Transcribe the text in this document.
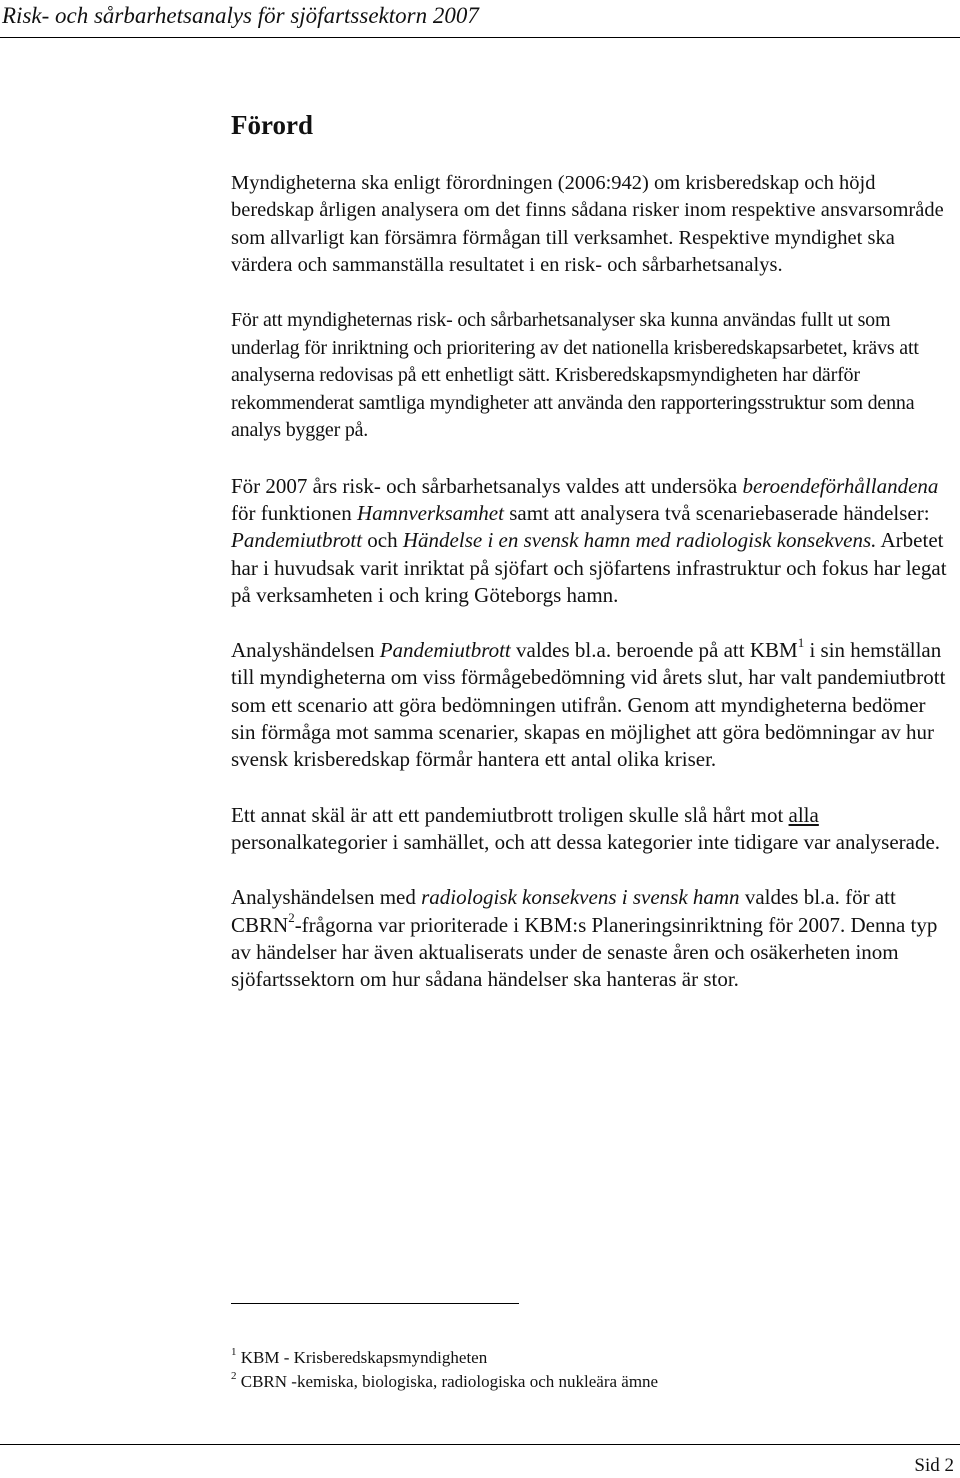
Risk- och sårbarhetsanalys för sjöfartssektorn 2007
Förord

Myndigheterna ska enligt förordningen (2006:942) om krisberedskap och höjd beredskap årligen analysera om det finns sådana risker inom respektive ansvarsområde som allvarligt kan försämra förmågan till verksamhet. Respektive myndighet ska värdera och sammanställa resultatet i en risk- och sårbarhetsanalys.

För att myndigheternas risk- och sårbarhetsanalyser ska kunna användas fullt ut som underlag för inriktning och prioritering av det nationella krisberedskapsarbetet, krävs att analyserna redovisas på ett enhetligt sätt. Krisberedskapsmyndigheten har därför rekommenderat samtliga myndigheter att använda den rapporteringsstruktur som denna analys bygger på.

För 2007 års risk- och sårbarhetsanalys valdes att undersöka beroendeförhållandena för funktionen Hamnverksamhet samt att analysera två scenariebaserade händelser: Pandemiutbrott och Händelse i en svensk hamn med radiologisk konsekvens. Arbetet har i huvudsak varit inriktat på sjöfart och sjöfartens infrastruktur och fokus har legat på verksamheten i och kring Göteborgs hamn.

Analyshändelsen Pandemiutbrott valdes bl.a. beroende på att KBM$^1$ i sin hemställan till myndigheterna om viss förmågebedömning vid årets slut, har valt pandemiutbrott som ett scenario att göra bedömningen utifrån. Genom att myndigheterna bedömer sin förmåga mot samma scenarier, skapas en möjlighet att göra bedömningar av hur svensk krisberedskap förmår hantera ett antal olika kriser.

Ett annat skäl är att ett pandemiutbrott troligen skulle slå hårt mot alla personalkategorier i samhället, och att dessa kategorier inte tidigare var analyserade.

Analyshändelsen med radiologisk konsekvens i svensk hamn valdes bl.a. för att CBRN$^2$-frågorna var prioriterade i KBM:s Planeringsinriktning för 2007. Denna typ av händelser har även aktualiserats under de senaste åren och osäkerheten inom sjöfartssektorn om hur sådana händelser ska hanteras är stor.

$^1$ KBM - Krisberedskapsmyndigheten
$^2$ CBRN -kemiska, biologiska, radiologiska och nukleära ämne
Sid 2
